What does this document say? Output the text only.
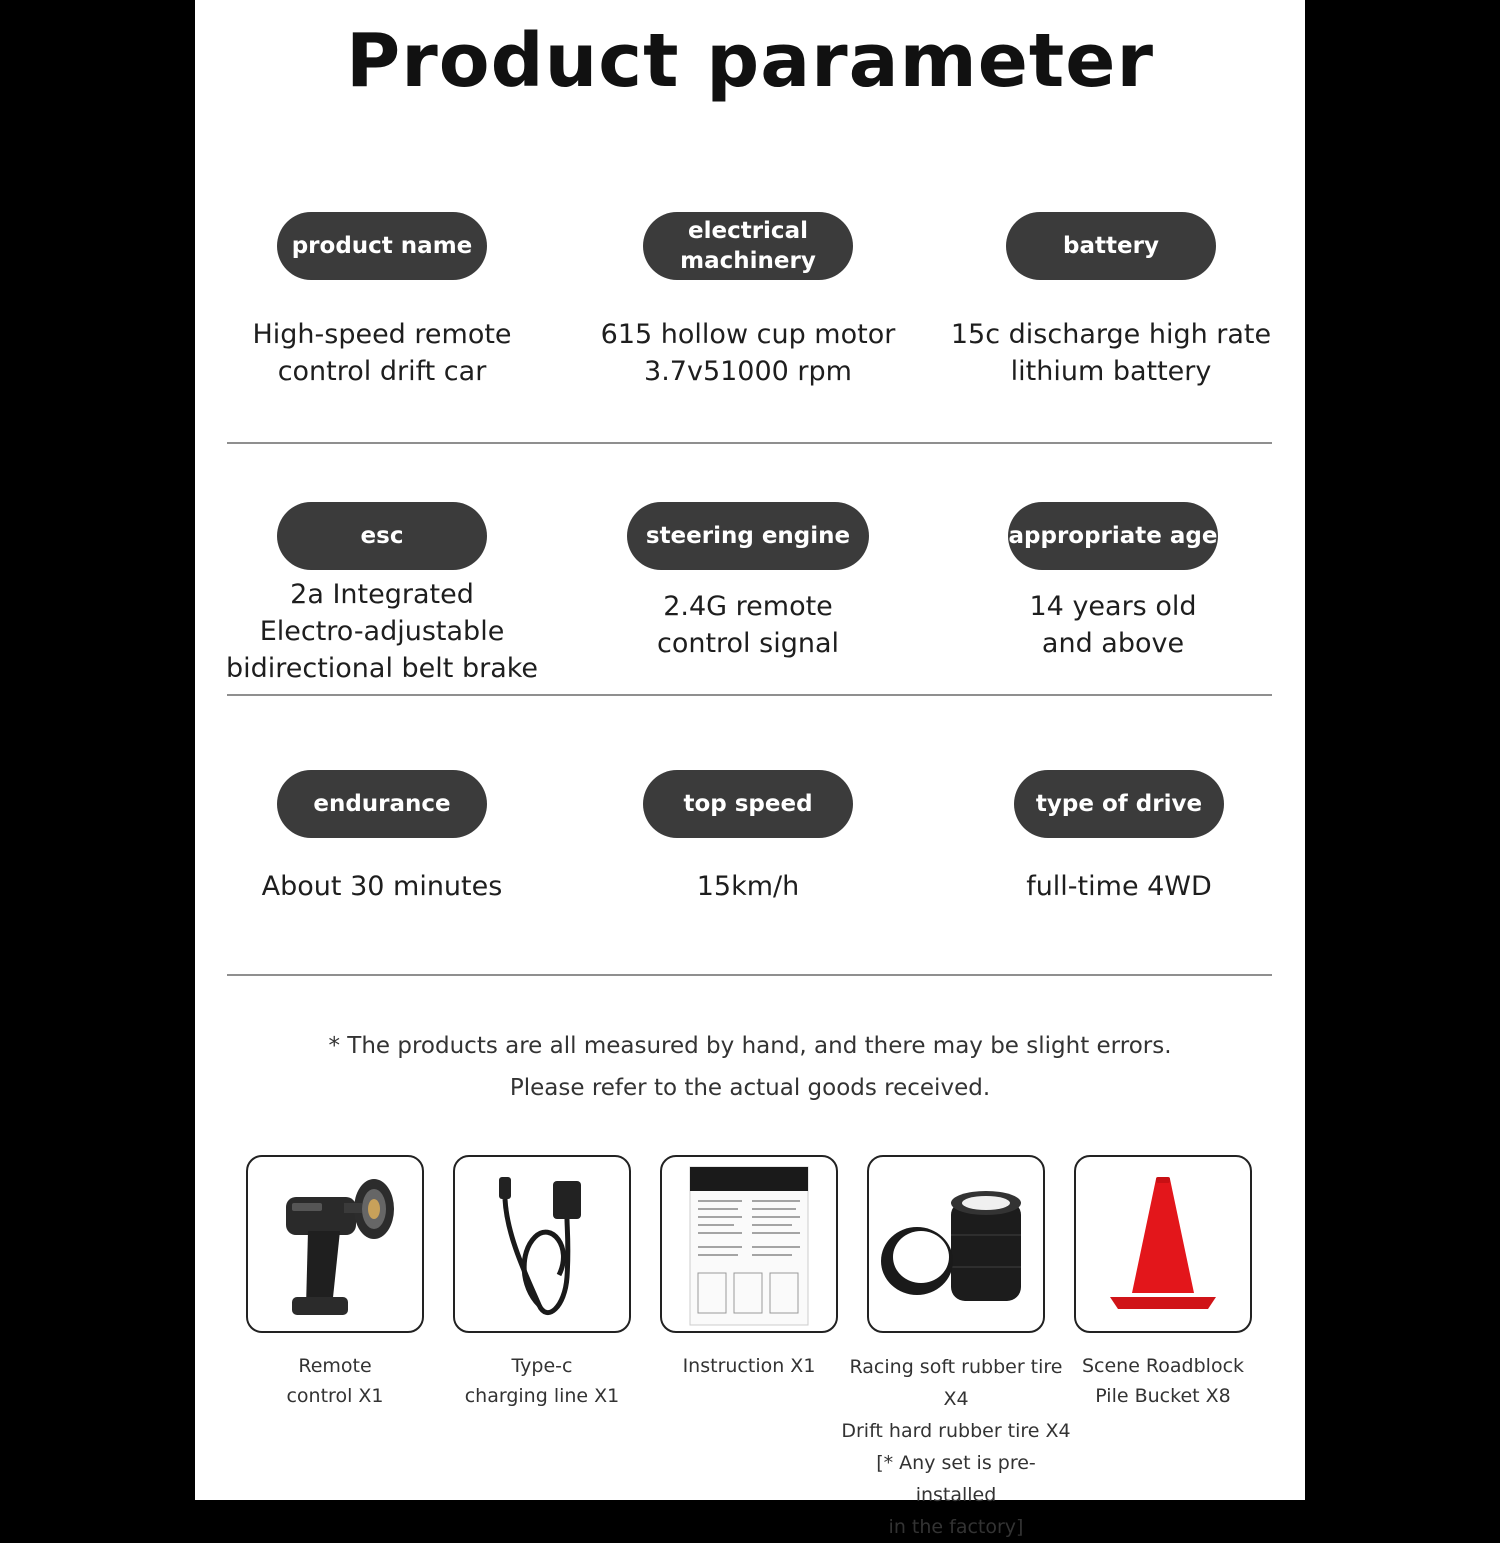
Product parameter
product name
High-speed remote
control drift car
electrical
machinery
615 hollow cup motor
3.7v51000 rpm
battery
15c discharge high rate
lithium battery
esc
2a Integrated
Electro-adjustable
bidirectional belt brake
steering engine
2.4G remote
control signal
appropriate age
14 years old
and above
endurance
About 30 minutes
top speed
15km/h
type of drive
full-time 4WD
* The products are all measured by hand, and there may be slight errors.
Please refer to the actual goods received.
Remote
control X1
Type-c
charging line X1
Instruction X1	Racing soft rubber tire X4
Drift hard rubber tire X4
[* Any set is pre-installed
in the factory]
Scene Roadblock
Pile Bucket X8
